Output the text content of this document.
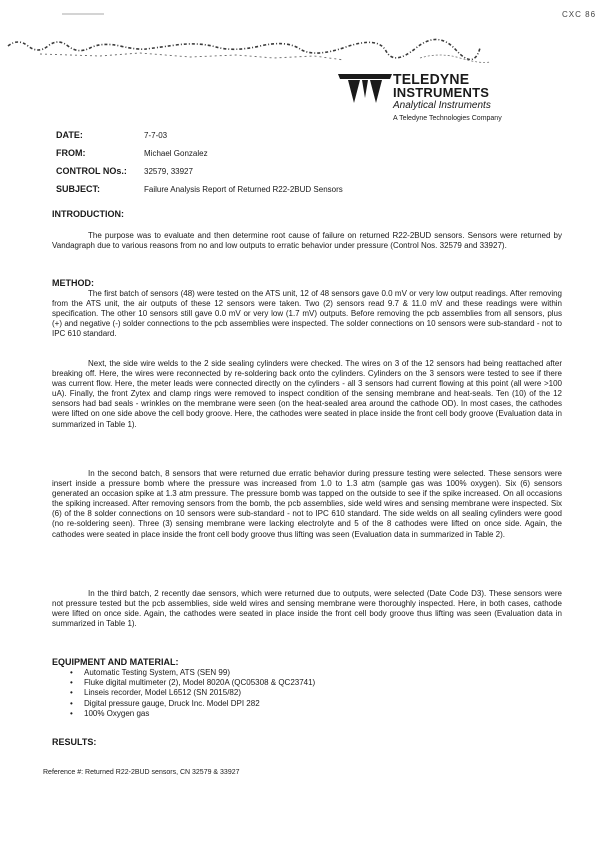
CXC 86
TELEDYNE
INSTRUMENTS
Analytical Instruments
A Teledyne Technologies Company
DATE:	7-7-03
FROM:	Michael Gonzalez
CONTROL NOs.: 32579, 33927
SUBJECT:	Failure Analysis Report of Returned R22-2BUD Sensors
INTRODUCTION:

The purpose was to evaluate and then determine root cause of failure on returned R22-2BUD sensors. Sensors were returned by Vandagraph due to various reasons from no and low outputs to erratic behavior under pressure (Control Nos. 32579 and 33927).

METHOD:

The first batch of sensors (48) were tested on the ATS unit, 12 of 48 sensors gave 0.0 mV or very low output readings. After removing from the ATS unit, the air outputs of these 12 sensors were taken. Two (2) sensors read 9.7 & 11.0 mV and these readings were within specification. The other 10 sensors still gave 0.0 mV or very low (1.7 mV) outputs. Before removing the pcb assemblies from all sensors, plus (+) and negative (-) solder connections to the pcb assemblies were inspected. The solder connections on 10 sensors were sub-standard - not to IPC 610 standard.

Next, the side wire welds to the 2 side sealing cylinders were checked. The wires on 3 of the 12 sensors had being reattached after breaking off. Here, the wires were reconnected by re-soldering back onto the cylinders. Cylinders on the 3 sensors were tested to see if there was current flow. Here, the meter leads were connected directly on the cylinders - all 3 sensors had current flowing at this point (all were >100 uA). Finally, the front Zytex and clamp rings were removed to inspect condition of the sensing membrane and heat-seals. Ten (10) of the 12 sensors had bad seals - wrinkles on the membrane were seen (on the heat-sealed area around the cathode OD). In most cases, the cathodes were lifted on one side above the cell body groove. Here, the cathodes were seated in place inside the front cell body groove (Evaluation data in summarized in Table 1).

In the second batch, 8 sensors that were returned due erratic behavior during pressure testing were selected. These sensors were insert inside a pressure bomb where the pressure was increased from 1.0 to 1.3 atm (sample gas was 100% oxygen). Six (6) sensors generated an occasion spike at 1.3 atm pressure. The pressure bomb was tapped on the outside to see if the spike increased. On all occasions the spiking increased. After removing sensors from the bomb, the pcb assemblies, side weld wires and sensing membrane were inspected. Six (6) of the 8 solder connections on 10 sensors were sub-standard - not to IPC 610 standard. The side welds on all sealing cylinders were good (no re-soldering seen). Three (3) sensing membrane were lacking electrolyte and 5 of the 8 cathodes were lifted on once side. Again, the cathodes were seated in place inside the front cell body groove thus lifting was seen (Evaluation data in summarized in Table 2).

In the third batch, 2 recently dae sensors, which were returned due to outputs, were selected (Date Code D3). These sensors were not pressure tested but the pcb assemblies, side weld wires and sensing membrane were thoroughly inspected. Here, in both cases, cathode were lifted on once side. Again, the cathodes were seated in place inside the front cell body groove thus lifting was seen (Evaluation data in summarized in Table 1).

EQUIPMENT AND MATERIAL:
• Automatic Testing System, ATS (SEN 99)
• Fluke digital multimeter (2), Model 8020A (QC05308 & QC23741)
• Linseis recorder, Model L6512 (SN 2015/82)
• Digital pressure gauge, Druck Inc. Model DPI 282
• 100% Oxygen gas
RESULTS:
Reference #: Returned R22-2BUD sensors, CN 32579 & 33927
